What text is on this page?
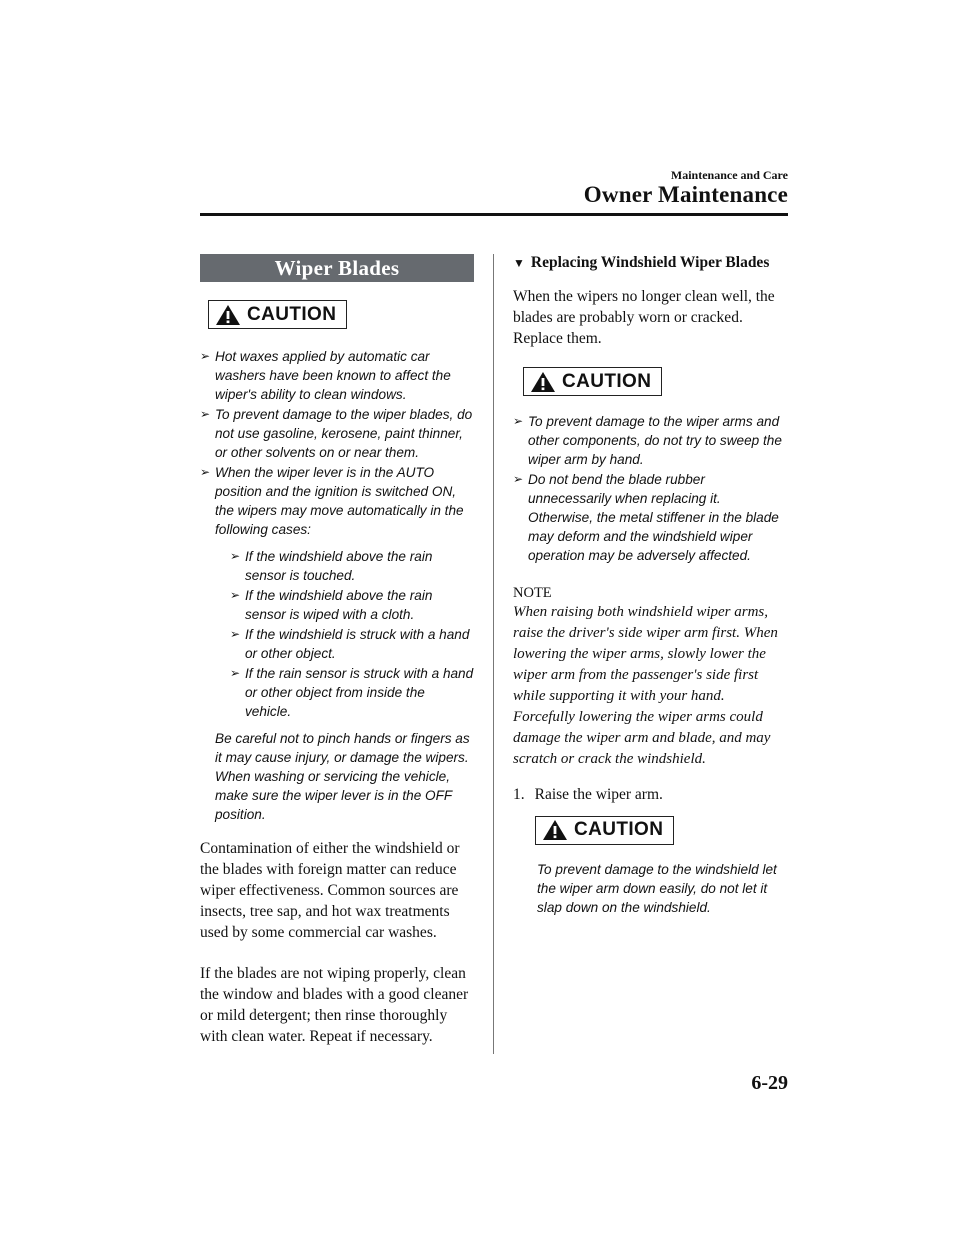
Maintenance and Care
Owner Maintenance
Wiper Blades
CAUTION
➢ Hot waxes applied by automatic car washers have been known to affect the wiper's ability to clean windows.
➢ To prevent damage to the wiper blades, do not use gasoline, kerosene, paint thinner, or other solvents on or near them.
➢ When the wiper lever is in the AUTO position and the ignition is switched ON, the wipers may move automatically in the following cases:
➢ If the windshield above the rain sensor is touched.
➢ If the windshield above the rain sensor is wiped with a cloth.
➢ If the windshield is struck with a hand or other object.
➢ If the rain sensor is struck with a hand or other object from inside the vehicle.
Be careful not to pinch hands or fingers as it may cause injury, or damage the wipers. When washing or servicing the vehicle, make sure the wiper lever is in the OFF position.

Contamination of either the windshield or the blades with foreign matter can reduce wiper effectiveness. Common sources are insects, tree sap, and hot wax treatments used by some commercial car washes.

If the blades are not wiping properly, clean the window and blades with a good cleaner or mild detergent; then rinse thoroughly with clean water. Repeat if necessary.

▼ Replacing Windshield Wiper Blades

When the wipers no longer clean well, the blades are probably worn or cracked. Replace them.

CAUTION
➢ To prevent damage to the wiper arms and other components, do not try to sweep the wiper arm by hand.
➢ Do not bend the blade rubber unnecessarily when replacing it. Otherwise, the metal stiffener in the blade may deform and the windshield wiper operation may be adversely affected.

NOTE

When raising both windshield wiper arms, raise the driver's side wiper arm first. When lowering the wiper arms, slowly lower the wiper arm from the passenger's side first while supporting it with your hand. Forcefully lowering the wiper arms could damage the wiper arm and blade, and may scratch or crack the windshield.

1. Raise the wiper arm.
CAUTION
To prevent damage to the windshield let the wiper arm down easily, do not let it slap down on the windshield.
6-29
